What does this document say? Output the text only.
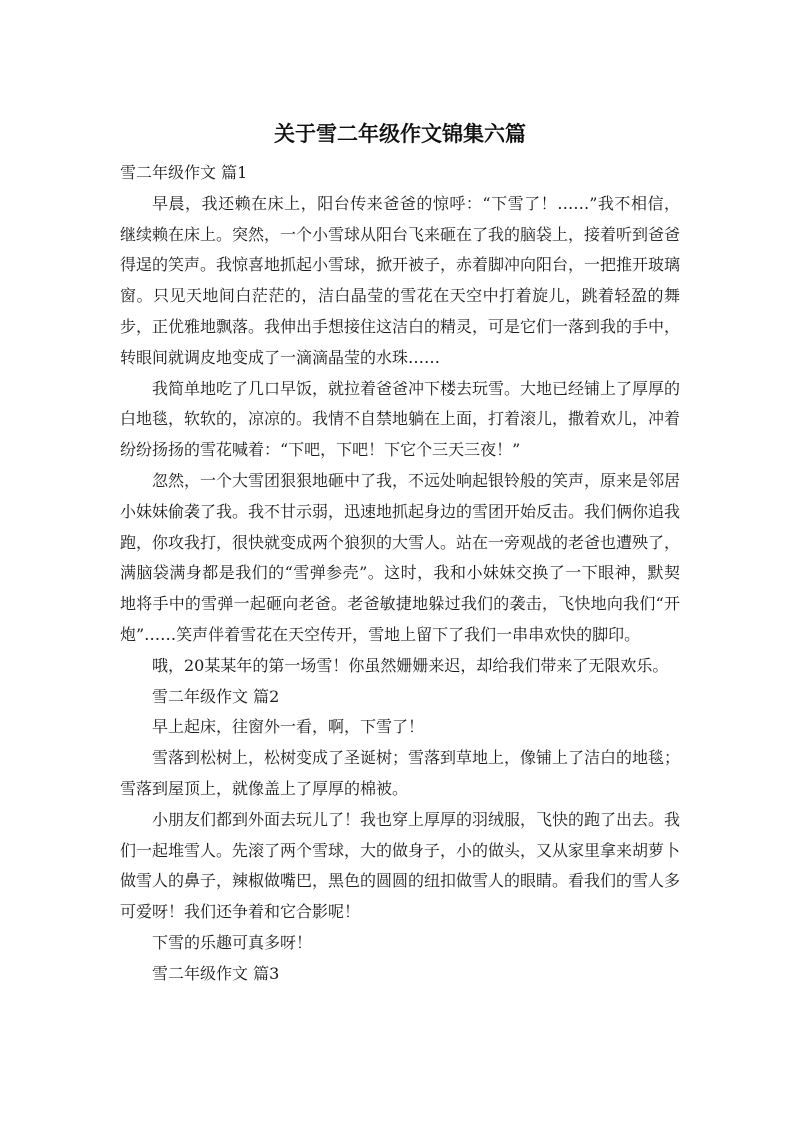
关于雪二年级作文锦集六篇

雪二年级作文 篇1

早晨，我还赖在床上，阳台传来爸爸的惊呼：“下雪了！……”我不相信，继续赖在床上。突然，一个小雪球从阳台飞来砸在了我的脑袋上，接着听到爸爸得逞的笑声。我惊喜地抓起小雪球，掀开被子，赤着脚冲向阳台，一把推开玻璃窗。只见天地间白茫茫的，洁白晶莹的雪花在天空中打着旋儿，跳着轻盈的舞步，正优雅地飘落。我伸出手想接住这洁白的精灵，可是它们一落到我的手中，转眼间就调皮地变成了一滴滴晶莹的水珠……

我简单地吃了几口早饭，就拉着爸爸冲下楼去玩雪。大地已经铺上了厚厚的白地毯，软软的，凉凉的。我情不自禁地躺在上面，打着滚儿，撒着欢儿，冲着纷纷扬扬的雪花喊着：“下吧，下吧！下它个三天三夜！”

忽然，一个大雪团狠狠地砸中了我，不远处响起银铃般的笑声，原来是邻居小妹妹偷袭了我。我不甘示弱，迅速地抓起身边的雪团开始反击。我们俩你追我跑，你攻我打，很快就变成两个狼狈的大雪人。站在一旁观战的老爸也遭殃了，满脑袋满身都是我们的“雪弹参壳”。这时，我和小妹妹交换了一下眼神，默契地将手中的雪弹一起砸向老爸。老爸敏捷地躲过我们的袭击，飞快地向我们“开炮”……笑声伴着雪花在天空传开，雪地上留下了我们一串串欢快的脚印。

哦，20某某年的第一场雪！你虽然姗姗来迟，却给我们带来了无限欢乐。

雪二年级作文 篇2

早上起床，往窗外一看，啊，下雪了！

雪落到松树上，松树变成了圣诞树；雪落到草地上，像铺上了洁白的地毯；雪落到屋顶上，就像盖上了厚厚的棉被。

小朋友们都到外面去玩儿了！我也穿上厚厚的羽绒服，飞快的跑了出去。我们一起堆雪人。先滚了两个雪球，大的做身子，小的做头，又从家里拿来胡萝卜做雪人的鼻子，辣椒做嘴巴，黑色的圆圆的纽扣做雪人的眼睛。看我们的雪人多可爱呀！我们还争着和它合影呢！

下雪的乐趣可真多呀！

雪二年级作文 篇3
